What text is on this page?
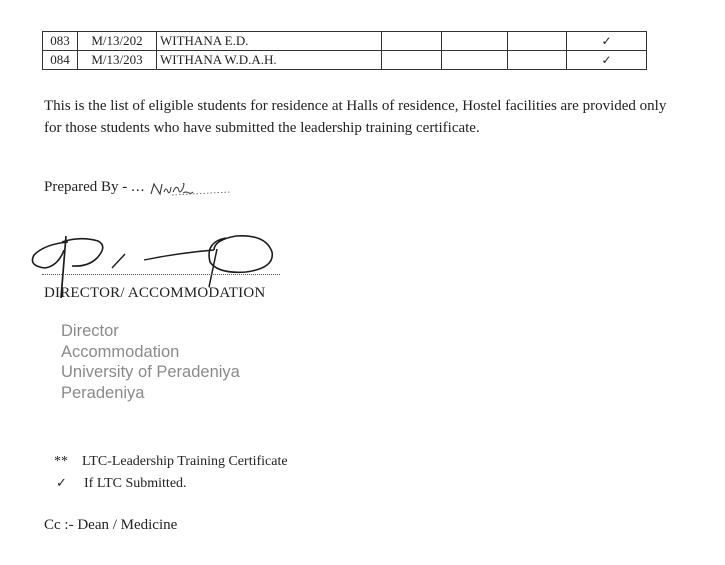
083	M/13/202	WITHANA E.D.				✓
084	M/13/203	WITHANA W.D.A.H.				✓
This is the list of eligible students for residence at Halls of residence, Hostel facilities are provided only for those students who have submitted the leadership training certificate.
Prepared By - ...
DIRECTOR/ ACCOMMODATION
Director
Accommodation
University of Peradeniya
Peradeniya
** LTC-Leadership Training Certificate
✓ If LTC Submitted.
Cc :- Dean / Medicine
